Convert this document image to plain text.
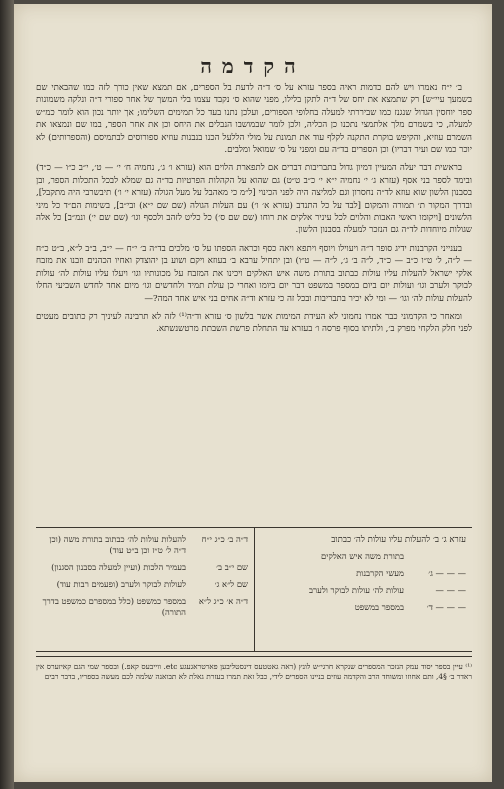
הקדמה

ב׳ י״ח נאמרו ויש להם כדמות ראיה בספר עזרא על ס׳ ד״ה לדעת בל הספרים, אם תמצא שאין כורך לזה כמו שהבאתי שם בשמעך עיי״ש] רק שתמצא את יחס של ד״ה לתקן בלילו, מפני שהוא ס׳ נקבד עצמו בלי המשך של אחר ספורי ד״ה ונלקה משמונות ספר יוחסין הגדול שנגנז כמו שביררתי למעלה בחלופי הספורים, ועלכן נתנו בעד כל תמימים השלימו; אך יותר נכון הוא לומר כמ״ש למעלה, כי בשמרם מלך אלתמצי נתכנו כן הכליה, ולכן לומר שבמושבו הנבלים את היחס וכן את אחר הספר, במו שם ונמצאו את השמרם עוזיא, והקיפש בוקרת התקנה לקלף עוד את תמונת על מולי הללעל הכנו בנבנות עוזיא ספורוסים לבתמיסם (והספרותים) לא יוכר כמו שם ועיר דבריו) וכן הספרים בד״ה עם ומפני על ס׳ שמואל ומלבים.

בראשית דבר יעלה המעיין דמיון גדול בתבריבות דברים אם לתפארת הלוים הוא (עזרא ו׳ ג׳, נחמיה ח׳ י׳ — ט׳, י״ב כ״ו — כ״ד) ובימד לספר בני אסף (עזרא ג׳ י׳ נחמיה י״א י׳ כ״ב ט״ט) גם שהוא על הקהלות הפרטיות בד״ה גם שמלא לבכל התכלות הספר, ובן בסבנון הלשון שוא עוזא לד״ה נחסרון וגם למליצה היה לפני הכינוי [ל״מ כי מאהבל על מעל הגולה (עזרא י׳ ו׳) תיבשרבי היה מתקבל], ובדרך המקור ת׳ תמורה והמקום [לבד על כל התנדב (עזרא א׳ ו׳) עם העלות הגולה (שם שם י״א) ובי״ב], בשימות הם״ד כל מיני הלשונים [ויקומו ראשי האבות והלוים לכל עיניר אלקים את רוחו (שם שם ס׳) כל כליט לזהב ולכסף וגו׳ (שם שם י׳) ונמ״ב] כל אלה שגולות מיוחדות לד״ה גם הנזכר למעלה בסבנון הלשון.

בענייני הקרבנות ידיג סופר ד״ה ויעוילו ויוסף ויתפא ויאה כסף וכראה הספתו על ס׳ מלכים בד״ה ב׳ י״ח — י״ב, ב״ב ל״א, ב״ט כ״ח — ל״ה, ל׳ ט״ו כ״ב — כ״ד, ל״ה ב׳ ג׳, ל״ה — ט״ו) ובן יתחיל ערבא ב׳ בעוזא ויקם ושוע בן יהוצדק ואחיו הכהנים וזבנו את מזבח אלקי ישראל להעלות עליו עולות כבתוב בתורת משה איש האלקים ויכינו את המזבח על מכונותיו וגו׳ ויעלו עליו עולות לה׳ עולות לבוקר ולערב וגו׳ ועולות יום ביום במספר במשפט דבר יום ביומו ואחרי כן עולת תמיד ולחדשים וגו׳ מיום אחד לחדש השביעי החלו להעלות עולות לה׳ וגו׳ — ומי לא יכיר בתבריבות ובכל זה כי עזרא וד״ה אחים בני איש אחד המה?—

ומאחר כי הקדמוני כבר אמרו נחמוני לא העידת המימות אשר בלשון ס׳ עזרא וד״ה⁽¹⁾ לזה לא תרבינה לעיניך רק כתובים מעטים לפני חלק הלקחי מפרק ב׳, ולתיתו בסוף פרסה ו׳ בעזרא עד התחלת פרשת השבתת מרטשנשתא.

עזרא ג׳ ב׳ להעלות עליו עולות לה׳ כבתוב
בתורת משה איש האלקים
— — — ג׳
מעשי הקרבנות
— — —
עולות לה׳ עולות לבוקר ולערב
— — — ד׳
במספר במשפט
ד״ה ב׳ כ״ג י״ח
להעלות עולות לה׳ כבתוב בתורת משה (וכן ד״ה ל׳ ט״ז וכן ב״ט עוד)
שם י״ב ב׳
בעמיר הלכות (ועיין למעלה בסבנון הסגנון)
שם ל״א ג׳
לעולות לבוקר ולערב (ופעמים רבות עוד)
ד״ה א׳ כ״ג ל״א
במספר כמשפט (כלל במספרם כמשפט בדרך התורה)
⁽¹⁾ עיין בספר יסוד עמק הנזכר המספרים שנקרא חרגי״ש לונץ (ראה גאטטעס דינסטליבען פארטראגעגע etc. ווייבעס קאפ.) ובספר שמי הגם קאיזערס אין ראדר ב׳ §4, ותם אחוזו ומשוחד הרב והקדמה עוזים בניינו הספרים לידי, כבל זאת תמרו בעזרת גאלת לא תבואנה שלמה לכם מעשה בספריו, בדבר רבים
